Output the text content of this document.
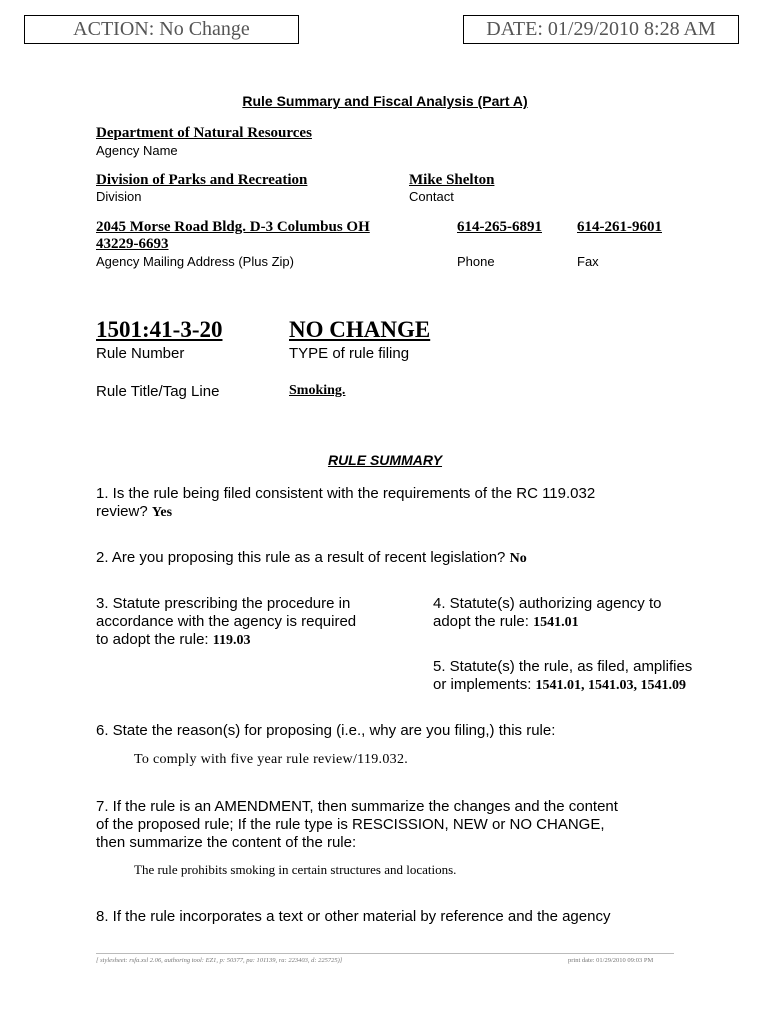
ACTION: No Change	DATE: 01/29/2010 8:28 AM
Rule Summary and Fiscal Analysis (Part A)
Department of Natural Resources
Agency Name
Division of Parks and Recreation
Division
Mike Shelton
Contact
2045 Morse Road Bldg. D-3 Columbus OH
43229-6693
Agency Mailing Address (Plus Zip)
614-265-6891
Phone
614-261-9601
Fax
1501:41-3-20
Rule Number
NO CHANGE
TYPE of rule filing
Rule Title/Tag Line	Smoking.
RULE SUMMARY
1. Is the rule being filed consistent with the requirements of the RC 119.032
review? Yes
2. Are you proposing this rule as a result of recent legislation? No
3. Statute prescribing the procedure in
accordance with the agency is required
to adopt the rule: 119.03
4. Statute(s) authorizing agency to
adopt the rule: 1541.01
5. Statute(s) the rule, as filed, amplifies
or implements: 1541.01, 1541.03, 1541.09
6. State the reason(s) for proposing (i.e., why are you filing,) this rule:
To comply with five year rule review/119.032.
7. If the rule is an AMENDMENT, then summarize the changes and the content
of the proposed rule; If the rule type is RESCISSION, NEW or NO CHANGE,
then summarize the content of the rule:
The rule prohibits smoking in certain structures and locations.
8. If the rule incorporates a text or other material by reference and the agency
[ stylesheet: rsfa.xsl 2.06, authoring tool: EZ1, p: 50377, pa: 101139, ra: 223403, d: 225725)]	print date: 01/29/2010 09:03 PM
